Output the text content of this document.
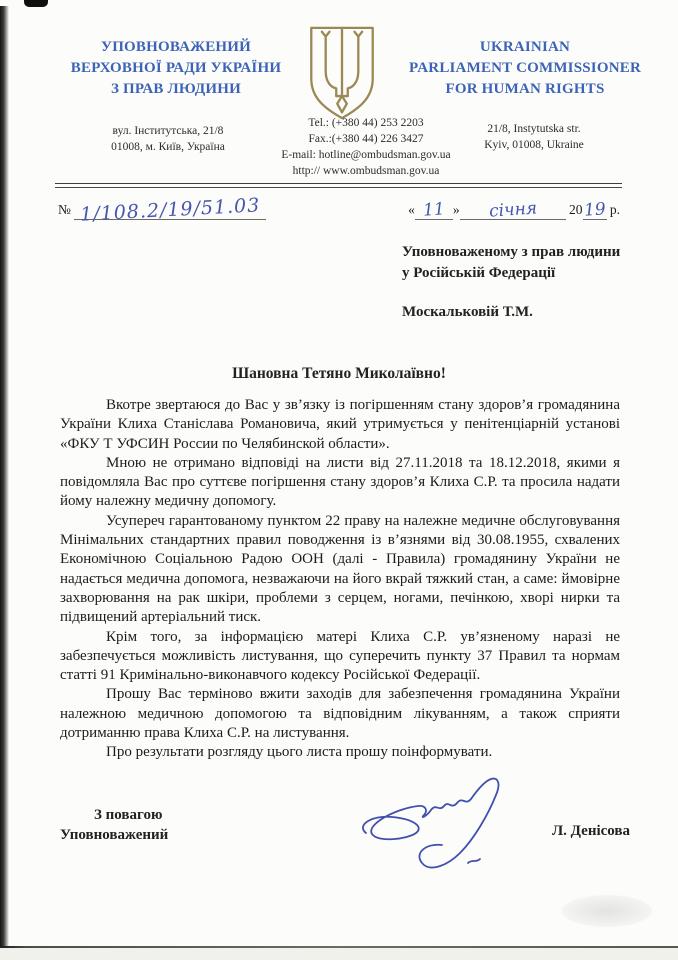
УПОВНОВАЖЕНИЙ
ВЕРХОВНОЇ РАДИ УКРАЇНИ
З ПРАВ ЛЮДИНИ
UKRAINIAN
PARLIAMENT COMMISSIONER
FOR HUMAN RIGHTS
вул. Інститутська, 21/8
01008, м. Київ, Україна
Tel.: (+380 44) 253 2203
Fax.:(+380 44) 226 3427
E-mail: hotline@ombudsman.gov.ua
http:// www.ombudsman.gov.ua
21/8, Instytutska str.
Kyiv, 01008, Ukraine
№ 1/108.2/19/51.03	« 11 » січня 2019 р.
Уповноваженому з прав людини
у Російській Федерації
Москальковій Т.М.
Шановна Тетяно Миколаївно!

Вкотре звертаюся до Вас у зв’язку із погіршенням стану здоров’я громадянина України Клиха Станіслава Романовича, який утримується у пенітенціарній установі «ФКУ Т УФСИН России по Челябинской области».

Мною не отримано відповіді на листи від 27.11.2018 та 18.12.2018, якими я повідомляла Вас про суттєве погіршення стану здоров’я Клиха С.Р. та просила надати йому належну медичну допомогу.

Усупереч гарантованому пунктом 22 праву на належне медичне обслуговування Мінімальних стандартних правил поводження із в’язнями від 30.08.1955, схвалених Економічною Соціальною Радою ООН (далі - Правила) громадянину України не надається медична допомога, незважаючи на його вкрай тяжкий стан, а саме: ймовірне захворювання на рак шкіри, проблеми з серцем, ногами, печінкою, хворі нирки та підвищений артеріальний тиск.

Крім того, за інформацією матері Клиха С.Р. ув’язненому наразі не забезпечується можливість листування, що суперечить пункту 37 Правил та нормам статті 91 Кримінально-виконавчого кодексу Російської Федерації.

Прошу Вас терміново вжити заходів для забезпечення громадянина України належною медичною допомогою та відповідним лікуванням, а також сприяти дотриманню права Клиха С.Р. на листування.

Про результати розгляду цього листа прошу поінформувати.

З повагою
Уповноважений	Л. Денісова
